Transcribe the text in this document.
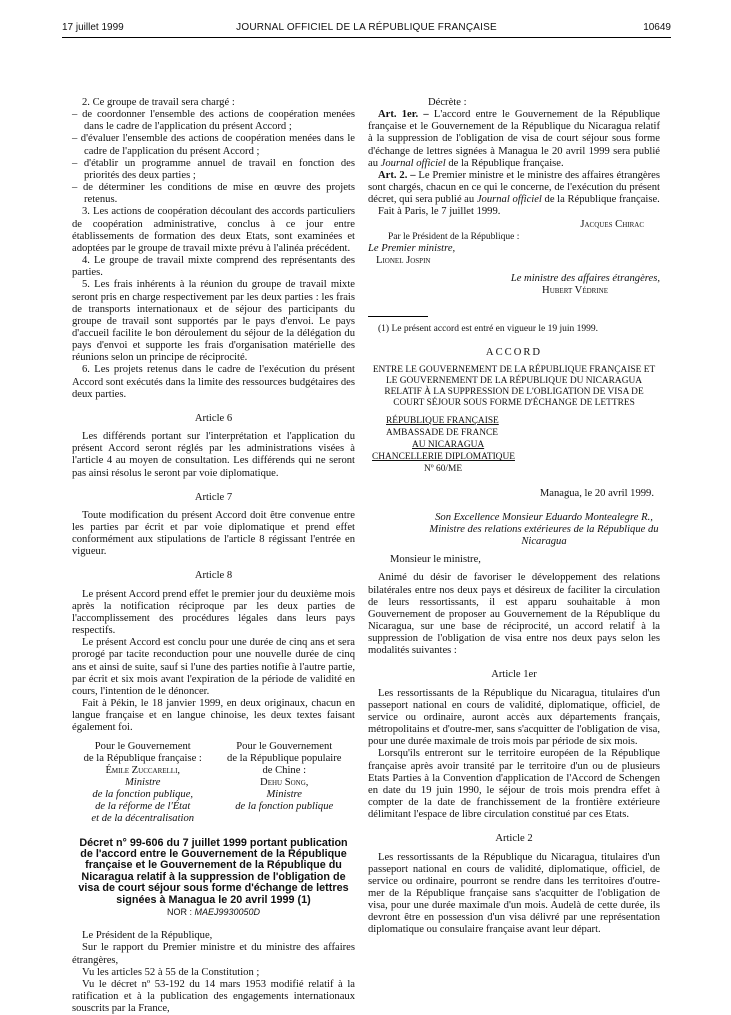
17 juillet 1999	JOURNAL OFFICIEL DE LA RÉPUBLIQUE FRANÇAISE	10649

2. Ce groupe de travail sera chargé :

– de coordonner l'ensemble des actions de coopération menées dans le cadre de l'application du présent Accord ;

– d'évaluer l'ensemble des actions de coopération menées dans le cadre de l'application du présent Accord ;

– d'établir un programme annuel de travail en fonction des priorités des deux parties ;

– de déterminer les conditions de mise en œuvre des projets retenus.

3. Les actions de coopération découlant des accords particuliers de coopération administrative, conclus à ce jour entre établissements de formation des deux Etats, sont examinées et adoptées par le groupe de travail mixte prévu à l'alinéa précédent.

4. Le groupe de travail mixte comprend des représentants des parties.

5. Les frais inhérents à la réunion du groupe de travail mixte seront pris en charge respectivement par les deux parties : les frais de transports internationaux et de séjour des participants du groupe de travail sont supportés par le pays d'envoi. Le pays d'accueil facilite le bon déroulement du séjour de la délégation du pays d'envoi et supporte les frais d'organisation matérielle des réunions selon un principe de réciprocité.

6. Les projets retenus dans le cadre de l'exécution du présent Accord sont exécutés dans la limite des ressources budgétaires des deux parties.

Article 6

Les différends portant sur l'interprétation et l'application du présent Accord seront réglés par les administrations visées à l'article 4 au moyen de consultation. Les différends qui ne seront pas ainsi résolus le seront par voie diplomatique.

Article 7

Toute modification du présent Accord doit être convenue entre les parties par écrit et par voie diplomatique et prend effet conformément aux stipulations de l'article 8 régissant l'entrée en vigueur.

Article 8

Le présent Accord prend effet le premier jour du deuxième mois après la notification réciproque par les deux parties de l'accomplissement des procédures légales dans leurs pays respectifs.

Le présent Accord est conclu pour une durée de cinq ans et sera prorogé par tacite reconduction pour une nouvelle durée de cinq ans et ainsi de suite, sauf si l'une des parties notifie à l'autre partie, par écrit et six mois avant l'expiration de la période de validité en cours, l'intention de le dénoncer.

Fait à Pékin, le 18 janvier 1999, en deux originaux, chacun en langue française et en langue chinoise, les deux textes faisant également foi.

Pour le Gouvernement
de la République française :
Émile Zuccarelli,
Ministre
de la fonction publique,
de la réforme de l'État
et de la décentralisation
Pour le Gouvernement
de la République populaire
de Chine :
Dehu Song,
Ministre
de la fonction publique

Décret n° 99-606 du 7 juillet 1999 portant publication de l'accord entre le Gouvernement de la République française et le Gouvernement de la République du Nicaragua relatif à la suppression de l'obligation de visa de court séjour sous forme d'échange de lettres signées à Managua le 20 avril 1999 (1)

NOR : MAEJ9930050D

Le Président de la République,

Sur le rapport du Premier ministre et du ministre des affaires étrangères,

Vu les articles 52 à 55 de la Constitution ;

Vu le décret nº 53-192 du 14 mars 1953 modifié relatif à la ratification et à la publication des engagements internationaux souscrits par la France,

Décrète :

Art. 1er. – L'accord entre le Gouvernement de la République française et le Gouvernement de la République du Nicaragua relatif à la suppression de l'obligation de visa de court séjour sous forme d'échange de lettres signées à Managua le 20 avril 1999 sera publié au Journal officiel de la République française.

Art. 2. – Le Premier ministre et le ministre des affaires étrangères sont chargés, chacun en ce qui le concerne, de l'exécution du présent décret, qui sera publié au Journal officiel de la République française.

Fait à Paris, le 7 juillet 1999.

Jacques Chirac

Par le Président de la République :

Le Premier ministre,

Lionel Jospin

Le ministre des affaires étrangères,

Hubert Védrine

(1) Le présent accord est entré en vigueur le 19 juin 1999.

ACCORD

ENTRE LE GOUVERNEMENT DE LA RÉPUBLIQUE FRANÇAISE ET LE GOUVERNEMENT DE LA RÉPUBLIQUE DU NICARAGUA RELATIF À LA SUPPRESSION DE L'OBLIGATION DE VISA DE COURT SÉJOUR SOUS FORME D'ÉCHANGE DE LETTRES

RÉPUBLIQUE FRANÇAISE

AMBASSADE DE FRANCE

AU NICARAGUA

CHANCELLERIE DIPLOMATIQUE

Nº 60/ME

Managua, le 20 avril 1999.

Son Excellence Monsieur Eduardo Montealegre R., Ministre des relations extérieures de la République du Nicaragua

Monsieur le ministre,

Animé du désir de favoriser le développement des relations bilatérales entre nos deux pays et désireux de faciliter la circulation de leurs ressortissants, il est apparu souhaitable à mon Gouvernement de proposer au Gouvernement de la République du Nicaragua, sur une base de réciprocité, un accord relatif à la suppression de l'obligation de visa entre nos deux pays selon les modalités suivantes :

Article 1er

Les ressortissants de la République du Nicaragua, titulaires d'un passeport national en cours de validité, diplomatique, officiel, de service ou ordinaire, auront accès aux départements français, métropolitains et d'outre-mer, sans s'acquitter de l'obligation de visa, pour une durée maximale de trois mois par période de six mois.

Lorsqu'ils entreront sur le territoire européen de la République française après avoir transité par le territoire d'un ou de plusieurs Etats Parties à la Convention d'application de l'Accord de Schengen en date du 19 juin 1990, le séjour de trois mois prendra effet à compter de la date de franchissement de la frontière extérieure délimitant l'espace de libre circulation constitué par ces Etats.

Article 2

Les ressortissants de la République du Nicaragua, titulaires d'un passeport national en cours de validité, diplomatique, officiel, de service ou ordinaire, pourront se rendre dans les territoires d'outre-mer de la République française sans s'acquitter de l'obligation de visa, pour une durée maximale d'un mois. Audelà de cette durée, ils devront être en possession d'un visa délivré par une représentation diplomatique ou consulaire française avant leur départ.
